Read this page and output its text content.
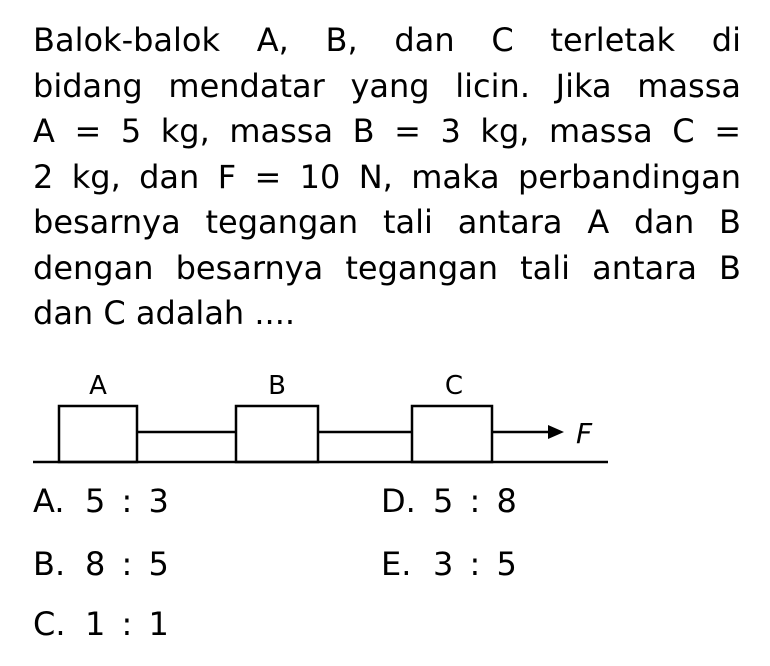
Balok-balok A, B, dan C terletak di
bidang mendatar yang licin. Jika massa
A = 5 kg, massa B = 3 kg, massa C =
2 kg, dan F = 10 N, maka perbandingan
besarnya tegangan tali antara A dan B
dengan besarnya tegangan tali antara B
dan C adalah ....
A	B	C
F
A. 5 : 3
B. 8 : 5
C. 1 : 1
D. 5 : 8
E. 3 : 5
